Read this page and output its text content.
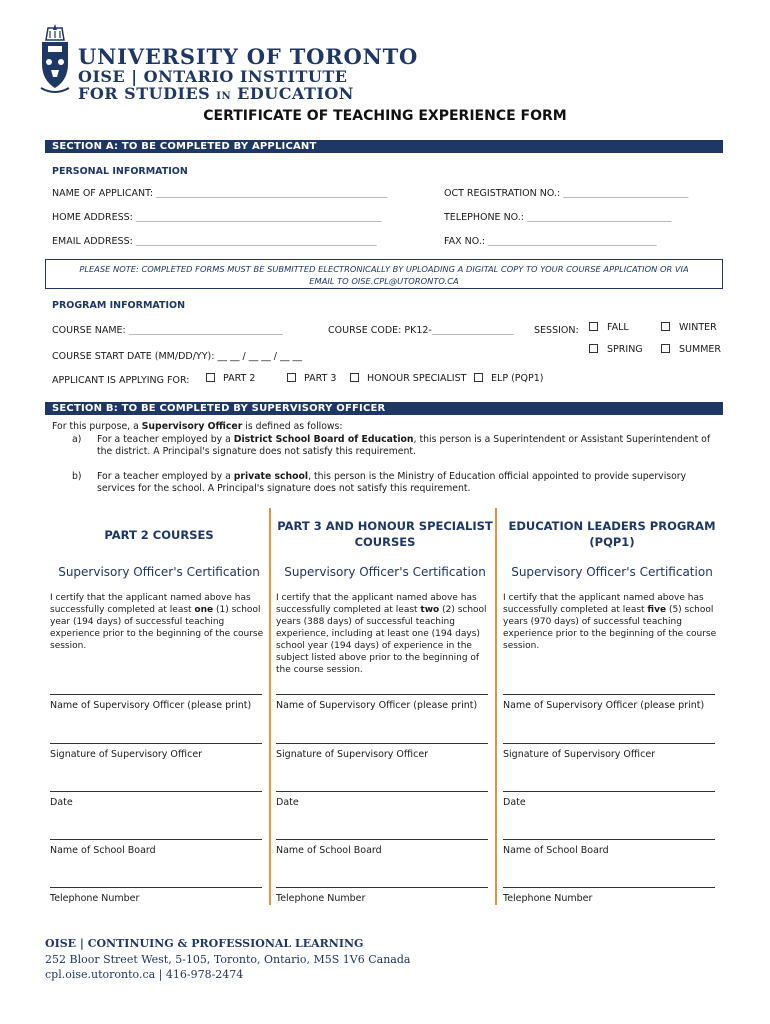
UNIVERSITY OF TORONTO
OISE | ONTARIO INSTITUTE
FOR STUDIES IN EDUCATION
CERTIFICATE OF TEACHING EXPERIENCE FORM
SECTION A: TO BE COMPLETED BY APPLICANT
PERSONAL INFORMATION
NAME OF APPLICANT: ________________________________________________	OCT REGISTRATION NO.: __________________________
HOME ADDRESS: ___________________________________________________	TELEPHONE NO.: ______________________________
EMAIL ADDRESS: __________________________________________________	FAX NO.: ___________________________________
PLEASE NOTE: COMPLETED FORMS MUST BE SUBMITTED ELECTRONICALLY BY UPLOADING A DIGITAL COPY TO YOUR COURSE APPLICATION OR VIA
EMAIL TO OISE.CPL@UTORONTO.CA
PROGRAM INFORMATION
COURSE NAME: ________________________________	COURSE CODE: PK12-_________________ SESSION:	FALL	WINTER
SPRING	SUMMER
COURSE START DATE (MM/DD/YY): __ __ / __ __ / __ __
APPLICANT IS APPLYING FOR:	PART 2	PART 3	HONOUR SPECIALIST	ELP (PQP1)
SECTION B: TO BE COMPLETED BY SUPERVISORY OFFICER
For this purpose, a Supervisory Officer is defined as follows:
a)	For a teacher employed by a District School Board of Education, this person is a Superintendent or Assistant Superintendent of the district. A Principal's signature does not satisfy this requirement.
b)	For a teacher employed by a private school, this person is the Ministry of Education official appointed to provide supervisory services for the school. A Principal's signature does not satisfy this requirement.
PART 2 COURSES
Supervisory Officer's Certification
I certify that the applicant named above has successfully completed at least one (1) school year (194 days) of successful teaching experience prior to the beginning of the course session.
PART 3 AND HONOUR SPECIALIST COURSES
Supervisory Officer's Certification
I certify that the applicant named above has successfully completed at least two (2) school years (388 days) of successful teaching experience, including at least one (194 days) school year (194 days) of experience in the subject listed above prior to the beginning of the course session.
EDUCATION LEADERS PROGRAM (PQP1)
Supervisory Officer's Certification
I certify that the applicant named above has successfully completed at least five (5) school years (970 days) of successful teaching experience prior to the beginning of the course session.
Name of Supervisory Officer (please print)
Signature of Supervisory Officer
Date
Name of School Board
Telephone Number
Name of Supervisory Officer (please print)
Signature of Supervisory Officer
Date
Name of School Board
Telephone Number
Name of Supervisory Officer (please print)
Signature of Supervisory Officer
Date
Name of School Board
Telephone Number
OISE | CONTINUING & PROFESSIONAL LEARNING
252 Bloor Street West, 5-105, Toronto, Ontario, M5S 1V6 Canada
cpl.oise.utoronto.ca | 416-978-2474
